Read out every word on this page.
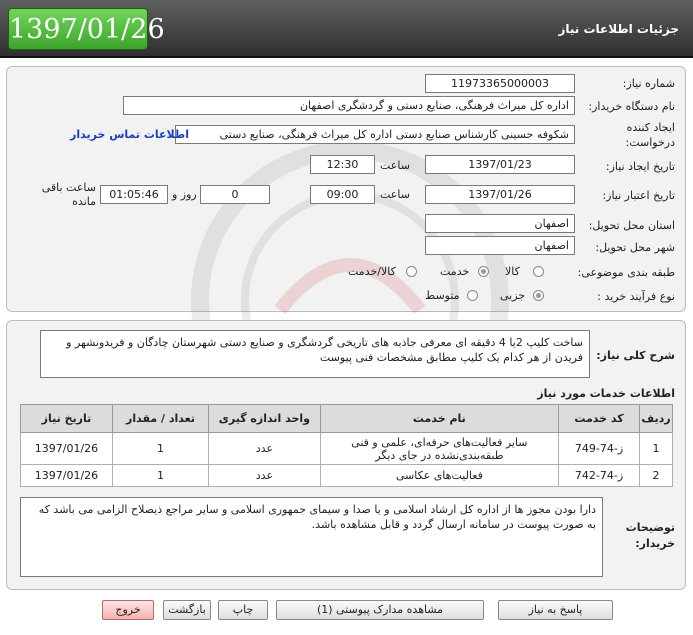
جزئیات اطلاعات نیاز
1397/01/26
شماره نیاز:
11973365000003
نام دستگاه خریدار:
اداره کل میراث فرهنگی، صنایع دستی و گردشگری اصفهان
ایجاد کننده
درخواست:
شکوفه حسینی کارشناس صنایع دستی اداره کل میراث فرهنگی، صنایع دستی
اطلاعات تماس خریدار
تاریخ ایجاد نیاز:
1397/01/23
ساعت
12:30
تاریخ اعتبار نیاز:
1397/01/26
ساعت
09:00
0
روز و
01:05:46
ساعت باقی
مانده
استان محل تحویل:
اصفهان
شهر محل تحویل:
اصفهان
طبقه بندی موضوعی:
کالا
خدمت
کالا/خدمت
نوع فرآیند خرید :
جزیی
متوسط
شرح کلی نیاز:
ساخت کلیپ 2یا 4 دقیقه ای معرفی جاذبه های تاریخی گردشگری و صنایع دستی شهرستان چادگان و فریدونشهر و فریدن از هر کدام یک کلیپ مطابق مشخصات فنی پیوست
اطلاعات خدمات مورد نیاز
ردیف	کد خدمت	نام خدمت	واحد اندازه گیری	تعداد / مقدار	تاریخ نیاز
1	ز-74-749	سایر فعالیت‌های حرفه‌ای، علمی و فنی طبقه‌بندی‌نشده در جای دیگر	عدد	1	1397/01/26
2	ز-74-742	فعالیت‌های عکاسی	عدد	1	1397/01/26
توضیحات
خریدار:
دارا بودن مجوز ها از اداره کل ارشاد اسلامی و یا صدا و سیمای جمهوری اسلامی و سایر مراجع ذیصلاح الزامی می باشد که به صورت پیوست در سامانه ارسال گردد و قابل مشاهده باشد.
پاسخ به نیاز
مشاهده مدارک پیوستی (1)
چاپ
بازگشت
خروج
